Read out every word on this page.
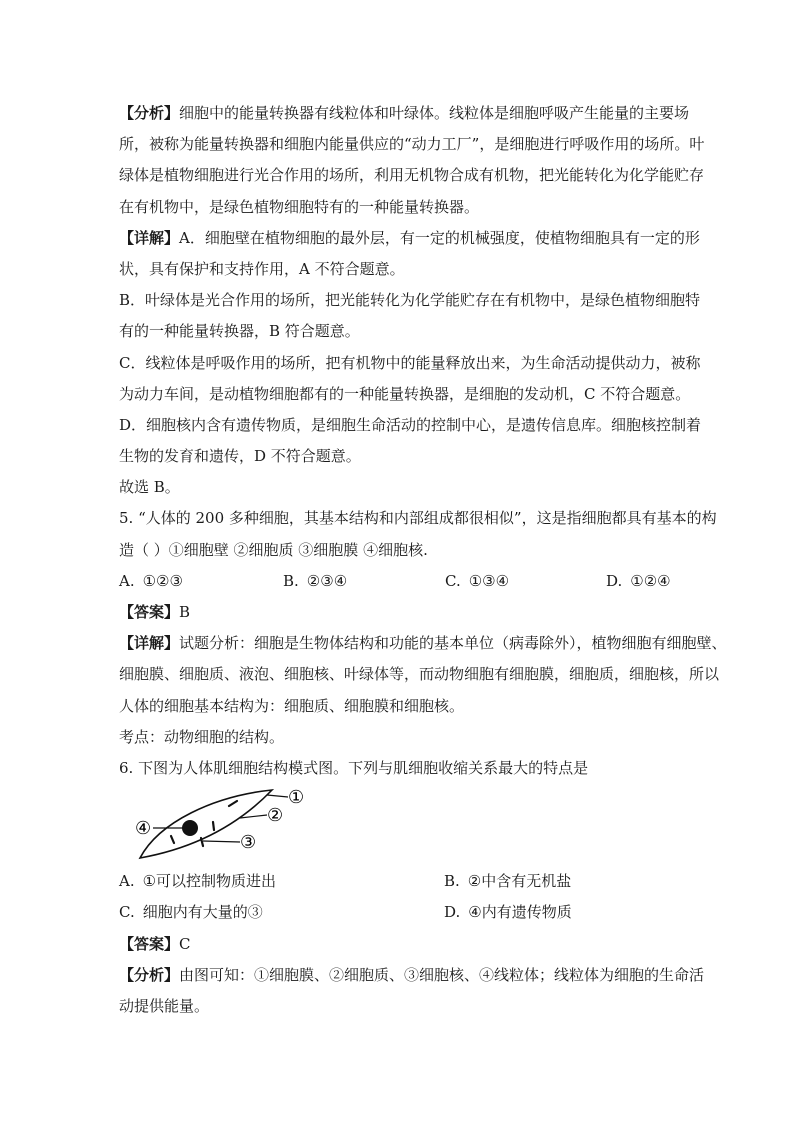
【分析】细胞中的能量转换器有线粒体和叶绿体。线粒体是细胞呼吸产生能量的主要场
所，被称为能量转换器和细胞内能量供应的“动力工厂”，是细胞进行呼吸作用的场所。叶
绿体是植物细胞进行光合作用的场所，利用无机物合成有机物，把光能转化为化学能贮存
在有机物中，是绿色植物细胞特有的一种能量转换器。
【详解】A．细胞壁在植物细胞的最外层，有一定的机械强度，使植物细胞具有一定的形
状，具有保护和支持作用，A 不符合题意。
B．叶绿体是光合作用的场所，把光能转化为化学能贮存在有机物中，是绿色植物细胞特
有的一种能量转换器，B 符合题意。
C．线粒体是呼吸作用的场所，把有机物中的能量释放出来，为生命活动提供动力，被称
为动力车间，是动植物细胞都有的一种能量转换器，是细胞的发动机，C 不符合题意。
D．细胞核内含有遗传物质，是细胞生命活动的控制中心，是遗传信息库。细胞核控制着
生物的发育和遗传，D 不符合题意。
故选 B。
5. “人体的 200 多种细胞，其基本结构和内部组成都很相似”，这是指细胞都具有基本的构
造（ ）①细胞壁 ②细胞质 ③细胞膜 ④细胞核.
A. ①②③	B. ②③④	C. ①③④	D. ①②④
【答案】B
【详解】试题分析：细胞是生物体结构和功能的基本单位（病毒除外），植物细胞有细胞壁、
细胞膜、细胞质、液泡、细胞核、叶绿体等，而动物细胞有细胞膜，细胞质，细胞核，所以
人体的细胞基本结构为：细胞质、细胞膜和细胞核。
考点：动物细胞的结构。
6. 下图为人体肌细胞结构模式图。下列与肌细胞收缩关系最大的特点是
①
②
③
④
A. ①可以控制物质进出	B. ②中含有无机盐
C. 细胞内有大量的③	D. ④内有遗传物质
【答案】C
【分析】由图可知：①细胞膜、②细胞质、③细胞核、④线粒体；线粒体为细胞的生命活
动提供能量。
